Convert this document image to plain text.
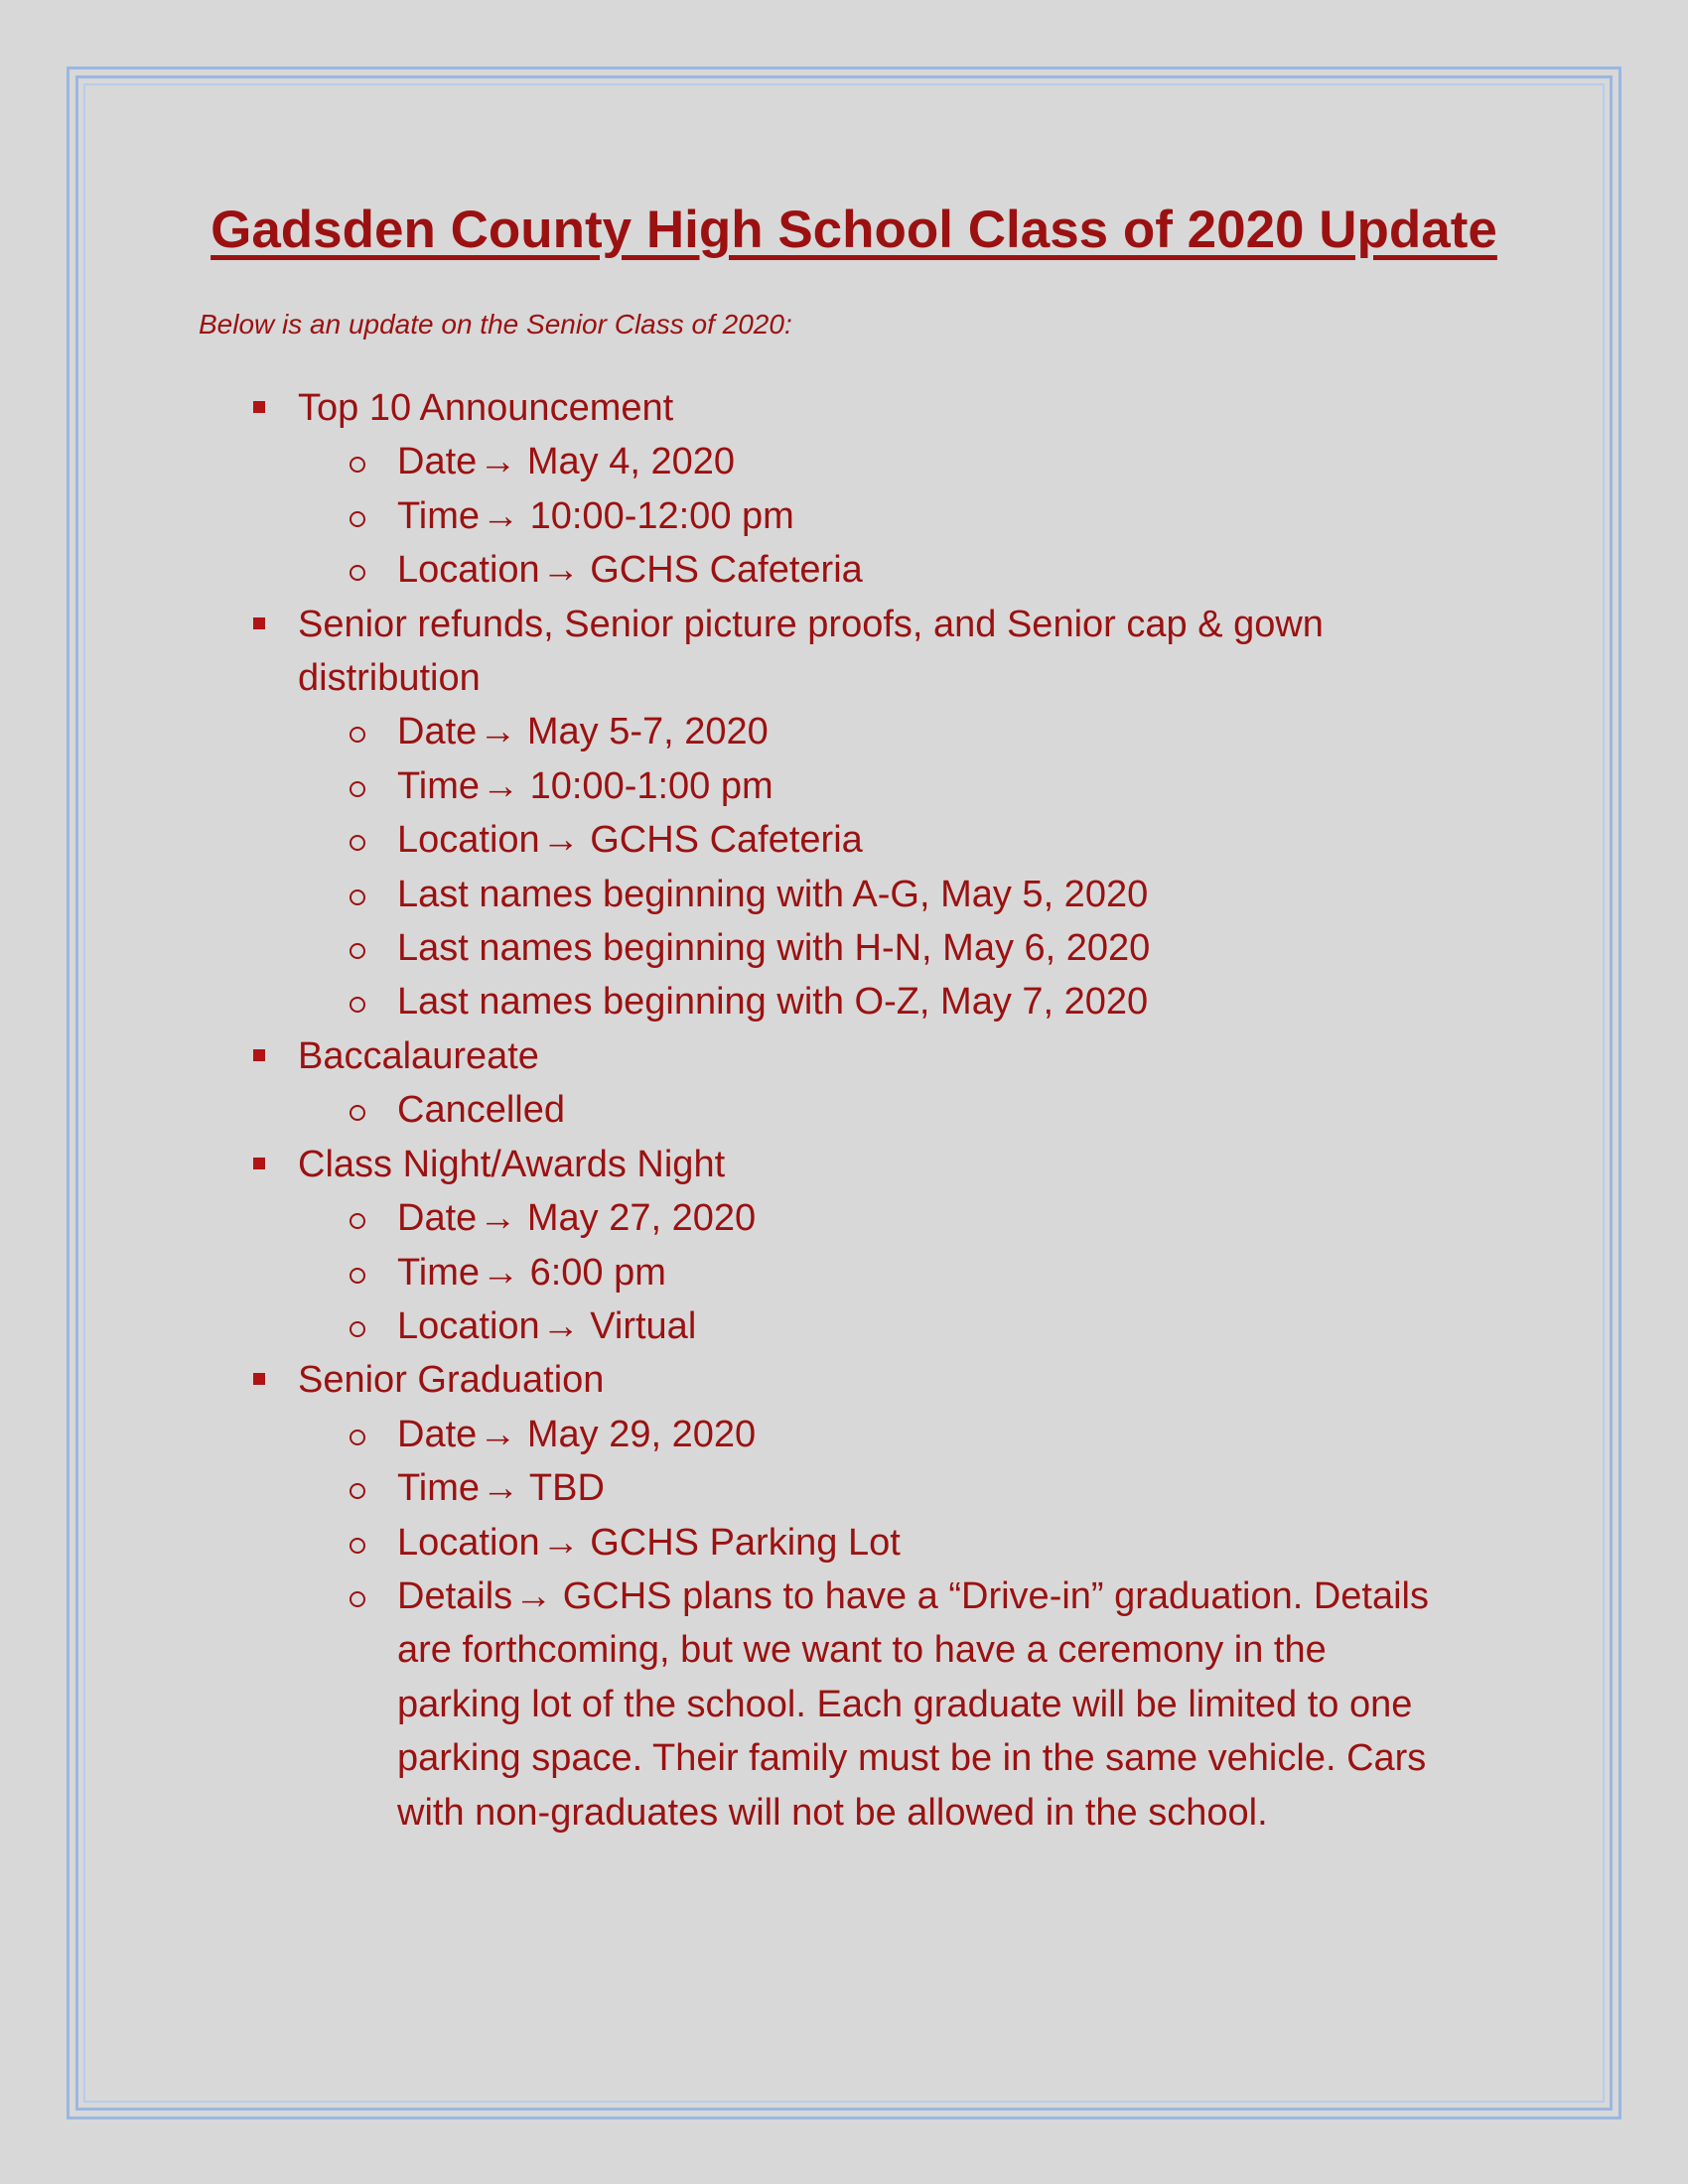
Gadsden County High School Class of 2020 Update

Below is an update on the Senior Class of 2020:

Top 10 Announcement
Date→ May 4, 2020
Time→ 10:00-12:00 pm
Location→ GCHS Cafeteria
Senior refunds, Senior picture proofs, and Senior cap & gown distribution
Date→ May 5-7, 2020
Time→ 10:00-1:00 pm
Location→ GCHS Cafeteria
Last names beginning with A-G, May 5, 2020
Last names beginning with H-N, May 6, 2020
Last names beginning with O-Z, May 7, 2020
Baccalaureate
Cancelled
Class Night/Awards Night
Date→ May 27, 2020
Time→ 6:00 pm
Location→ Virtual
Senior Graduation
Date→ May 29, 2020
Time→ TBD
Location→ GCHS Parking Lot
Details→ GCHS plans to have a “Drive-in” graduation. Details are forthcoming, but we want to have a ceremony in the parking lot of the school. Each graduate will be limited to one parking space. Their family must be in the same vehicle. Cars with non-graduates will not be allowed in the school.
